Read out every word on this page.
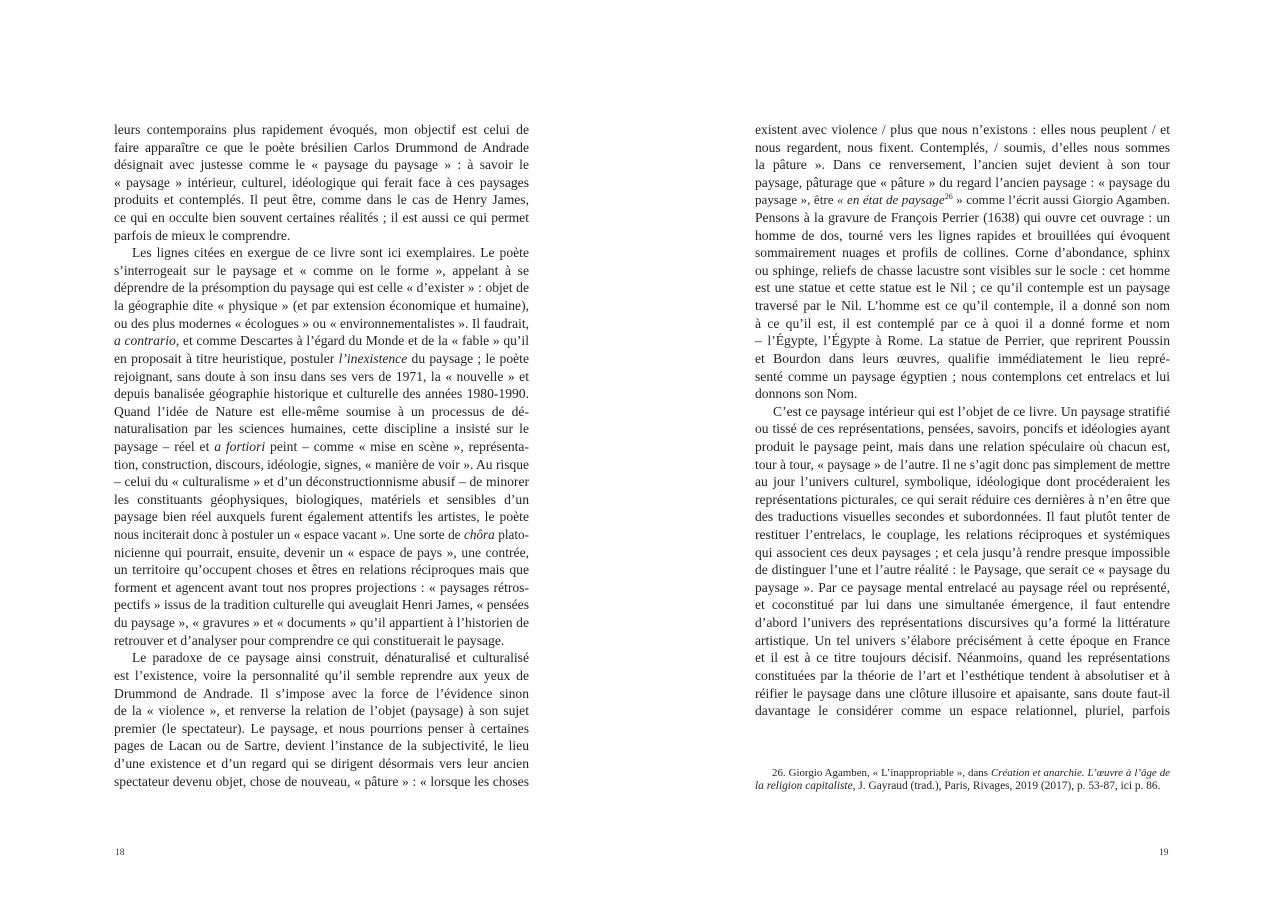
leurs contemporains plus rapidement évoqués, mon objectif est celui de
faire apparaître ce que le poète brésilien Carlos Drummond de Andrade
désignait avec justesse comme le « paysage du paysage » : à savoir le
« paysage » intérieur, culturel, idéologique qui ferait face à ces paysages
produits et contemplés. Il peut être, comme dans le cas de Henry James,
ce qui en occulte bien souvent certaines réalités ; il est aussi ce qui permet
parfois de mieux le comprendre.
Les lignes citées en exergue de ce livre sont ici exemplaires. Le poète
s’interrogeait sur le paysage et « comme on le forme », appelant à se
déprendre de la présomption du paysage qui est celle « d’exister » : objet de
la géographie dite « physique » (et par extension économique et humaine),
ou des plus modernes « écologues » ou « environnementalistes ». Il faudrait,
a contrario, et comme Descartes à l’égard du Monde et de la « fable » qu’il
en proposait à titre heuristique, postuler l’inexistence du paysage ; le poète
rejoignant, sans doute à son insu dans ses vers de 1971, la « nouvelle » et
depuis banalisée géographie historique et culturelle des années 1980-1990.
Quand l’idée de Nature est elle-même soumise à un processus de dé-
naturalisation par les sciences humaines, cette discipline a insisté sur le
paysage – réel et a fortiori peint – comme « mise en scène », représenta-
tion, construction, discours, idéologie, signes, « manière de voir ». Au risque
– celui du « culturalisme » et d’un déconstructionnisme abusif – de minorer
les constituants géophysiques, biologiques, matériels et sensibles d’un
paysage bien réel auxquels furent également attentifs les artistes, le poète
nous inciterait donc à postuler un « espace vacant ». Une sorte de chôra plato-
nicienne qui pourrait, ensuite, devenir un « espace de pays », une contrée,
un territoire qu’occupent choses et êtres en relations réciproques mais que
forment et agencent avant tout nos propres projections : « paysages rétros-
pectifs » issus de la tradition culturelle qui aveuglait Henri James, « pensées
du paysage », « gravures » et « documents » qu’il appartient à l’historien de
retrouver et d’analyser pour comprendre ce qui constituerait le paysage.
Le paradoxe de ce paysage ainsi construit, dénaturalisé et culturalisé
est l’existence, voire la personnalité qu’il semble reprendre aux yeux de
Drummond de Andrade. Il s’impose avec la force de l’évidence sinon
de la « violence », et renverse la relation de l’objet (paysage) à son sujet
premier (le spectateur). Le paysage, et nous pourrions penser à certaines
pages de Lacan ou de Sartre, devient l’instance de la subjectivité, le lieu
d’une existence et d’un regard qui se dirigent désormais vers leur ancien
spectateur devenu objet, chose de nouveau, « pâture » : « lorsque les choses
existent avec violence / plus que nous n’existons : elles nous peuplent / et
nous regardent, nous fixent. Contemplés, / soumis, d’elles nous sommes
la pâture ». Dans ce renversement, l’ancien sujet devient à son tour
paysage, pâturage que « pâture » du regard l’ancien paysage : « paysage du
paysage », être « en état de paysage$^{26}$ » comme l’écrit aussi Giorgio Agamben.
Pensons à la gravure de François Perrier (1638) qui ouvre cet ouvrage : un
homme de dos, tourné vers les lignes rapides et brouillées qui évoquent
sommairement nuages et profils de collines. Corne d’abondance, sphinx
ou sphinge, reliefs de chasse lacustre sont visibles sur le socle : cet homme
est une statue et cette statue est le Nil ; ce qu’il contemple est un paysage
traversé par le Nil. L’homme est ce qu’il contemple, il a donné son nom
à ce qu’il est, il est contemplé par ce à quoi il a donné forme et nom
– l’Égypte, l’Égypte à Rome. La statue de Perrier, que reprirent Poussin
et Bourdon dans leurs œuvres, qualifie immédiatement le lieu repré-
senté comme un paysage égyptien ; nous contemplons cet entrelacs et lui
donnons son Nom.
C’est ce paysage intérieur qui est l’objet de ce livre. Un paysage stratifié
ou tissé de ces représentations, pensées, savoirs, poncifs et idéologies ayant
produit le paysage peint, mais dans une relation spéculaire où chacun est,
tour à tour, « paysage » de l’autre. Il ne s’agit donc pas simplement de mettre
au jour l’univers culturel, symbolique, idéologique dont procéderaient les
représentations picturales, ce qui serait réduire ces dernières à n’en être que
des traductions visuelles secondes et subordonnées. Il faut plutôt tenter de
restituer l’entrelacs, le couplage, les relations réciproques et systémiques
qui associent ces deux paysages ; et cela jusqu’à rendre presque impossible
de distinguer l’une et l’autre réalité : le Paysage, que serait ce « paysage du
paysage ». Par ce paysage mental entrelacé au paysage réel ou représenté,
et coconstitué par lui dans une simultanée émergence, il faut entendre
d’abord l’univers des représentations discursives qu’a formé la littérature
artistique. Un tel univers s’élabore précisément à cette époque en France
et il est à ce titre toujours décisif. Néanmoins, quand les représentations
constituées par la théorie de l’art et l’esthétique tendent à absolutiser et à
réifier le paysage dans une clôture illusoire et apaisante, sans doute faut-il
davantage le considérer comme un espace relationnel, pluriel, parfois
26. Giorgio Agamben, « L’inappropriable », dans Création et anarchie. L’œuvre à l’âge de
la religion capitaliste, J. Gayraud (trad.), Paris, Rivages, 2019 (2017), p. 53-87, ici p. 86.
18	19
